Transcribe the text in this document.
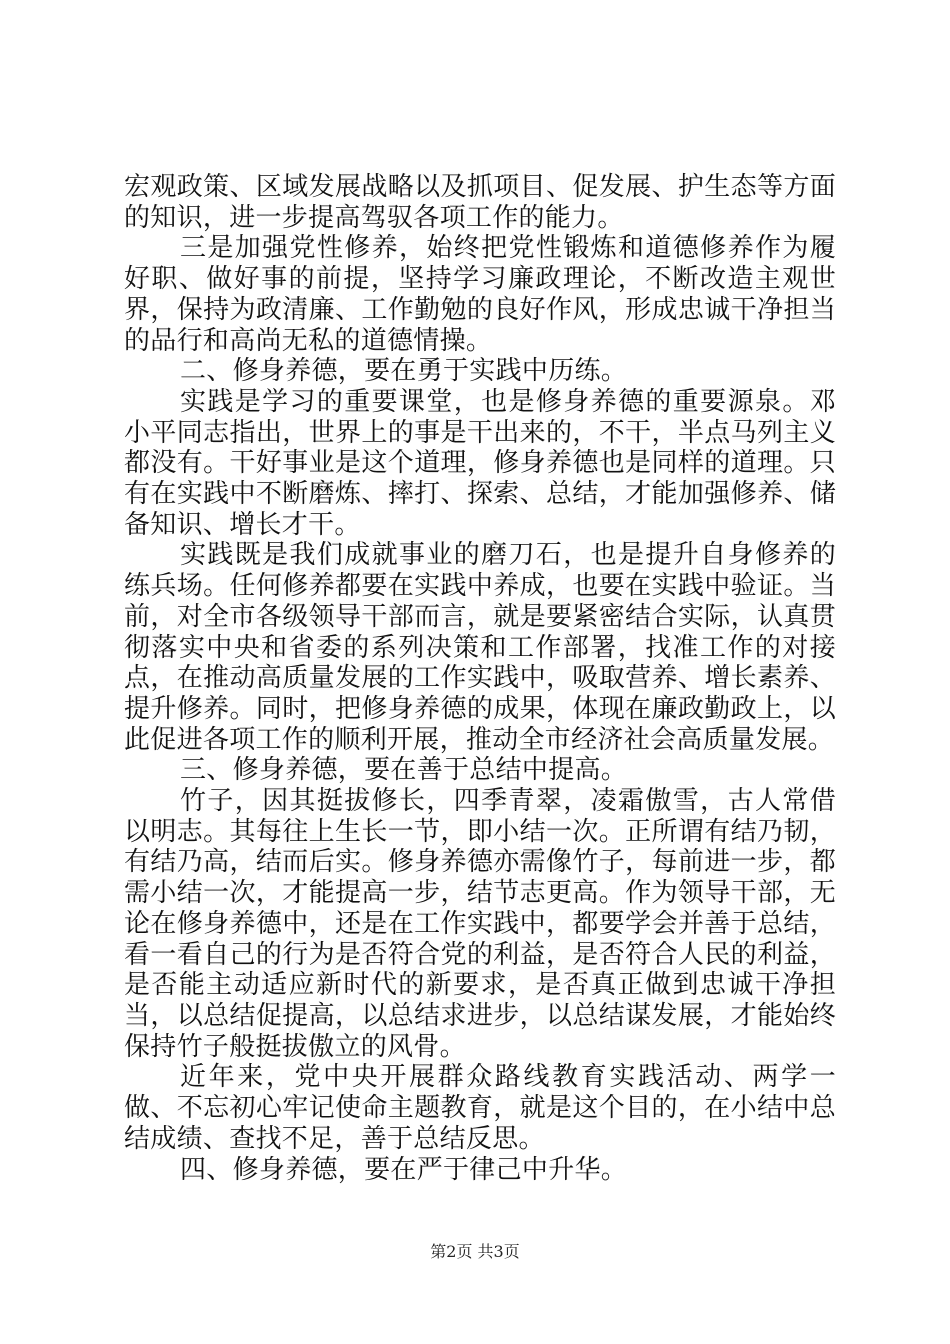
宏观政策、区域发展战略以及抓项目、促发展、护生态等方面的知识，进一步提高驾驭各项工作的能力。

三是加强党性修养，始终把党性锻炼和道德修养作为履好职、做好事的前提，坚持学习廉政理论，不断改造主观世界，保持为政清廉、工作勤勉的良好作风，形成忠诚干净担当的品行和高尚无私的道德情操。

二、修身养德，要在勇于实践中历练。

实践是学习的重要课堂，也是修身养德的重要源泉。邓小平同志指出，世界上的事是干出来的，不干，半点马列主义都没有。干好事业是这个道理，修身养德也是同样的道理。只有在实践中不断磨炼、摔打、探索、总结，才能加强修养、储备知识、增长才干。

实践既是我们成就事业的磨刀石，也是提升自身修养的练兵场。任何修养都要在实践中养成，也要在实践中验证。当前，对全市各级领导干部而言，就是要紧密结合实际，认真贯彻落实中央和省委的系列决策和工作部署，找准工作的对接点，在推动高质量发展的工作实践中，吸取营养、增长素养、提升修养。同时，把修身养德的成果，体现在廉政勤政上，以此促进各项工作的顺利开展，推动全市经济社会高质量发展。

三、修身养德，要在善于总结中提高。

竹子，因其挺拔修长，四季青翠，凌霜傲雪，古人常借以明志。其每往上生长一节，即小结一次。正所谓有结乃韧，有结乃高，结而后实。修身养德亦需像竹子，每前进一步，都需小结一次，才能提高一步，结节志更高。作为领导干部，无论在修身养德中，还是在工作实践中，都要学会并善于总结，看一看自己的行为是否符合党的利益，是否符合人民的利益，是否能主动适应新时代的新要求，是否真正做到忠诚干净担当，以总结促提高，以总结求进步，以总结谋发展，才能始终保持竹子般挺拔傲立的风骨。

近年来，党中央开展群众路线教育实践活动、两学一做、不忘初心牢记使命主题教育，就是这个目的，在小结中总结成绩、查找不足，善于总结反思。

四、修身养德，要在严于律己中升华。

第2页 共3页
